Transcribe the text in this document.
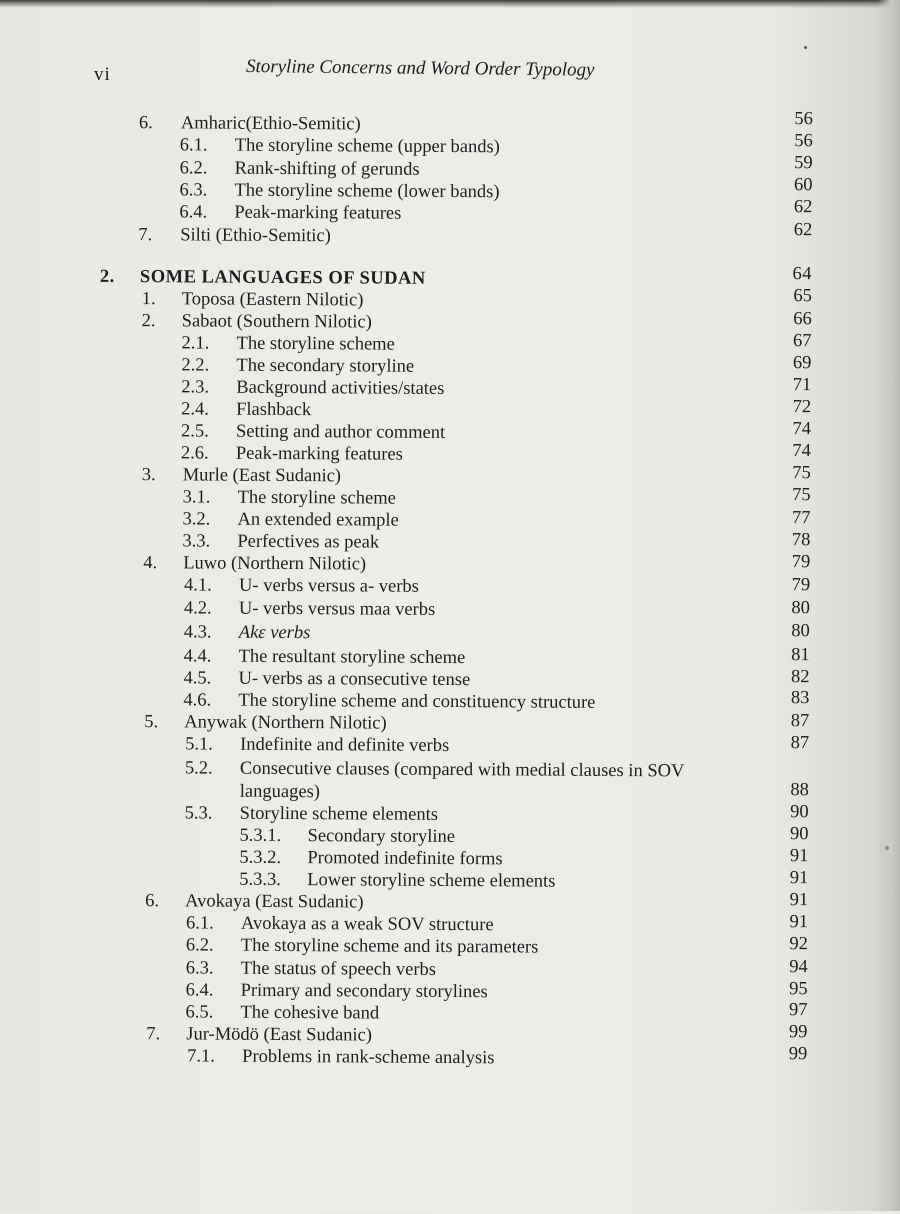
vi	Storyline Concerns and Word Order Typology
6. Amharic(Ethio-Semitic)	56
6.1. The storyline scheme (upper bands)	56
6.2. Rank-shifting of gerunds	59
6.3. The storyline scheme (lower bands)	60
6.4. Peak-marking features	62
7. Silti (Ethio-Semitic)	62
2. SOME LANGUAGES OF SUDAN	64
1. Toposa (Eastern Nilotic)	65
2. Sabaot (Southern Nilotic)	66
2.1. The storyline scheme	67
2.2. The secondary storyline	69
2.3. Background activities/states	71
2.4. Flashback	72
2.5. Setting and author comment	74
2.6. Peak-marking features	74
3. Murle (East Sudanic)	75
3.1. The storyline scheme	75
3.2. An extended example	77
3.3. Perfectives as peak	78
4. Luwo (Northern Nilotic)	79
4.1. U- verbs versus a- verbs	79
4.2. U- verbs versus maa verbs	80
4.3. Akɛ verbs	80
4.4. The resultant storyline scheme	81
4.5. U- verbs as a consecutive tense	82
4.6. The storyline scheme and constituency structure	83
5. Anywak (Northern Nilotic)	87
5.1. Indefinite and definite verbs	87
5.2. Consecutive clauses (compared with medial clauses in SOV
languages)	88
5.3. Storyline scheme elements	90
5.3.1. Secondary storyline	90
5.3.2. Promoted indefinite forms	91
5.3.3. Lower storyline scheme elements	91
6. Avokaya (East Sudanic)	91
6.1. Avokaya as a weak SOV structure	91
6.2. The storyline scheme and its parameters	92
6.3. The status of speech verbs	94
6.4. Primary and secondary storylines	95
6.5. The cohesive band	97
7. Jur-Mödö (East Sudanic)	99
7.1. Problems in rank-scheme analysis	99
